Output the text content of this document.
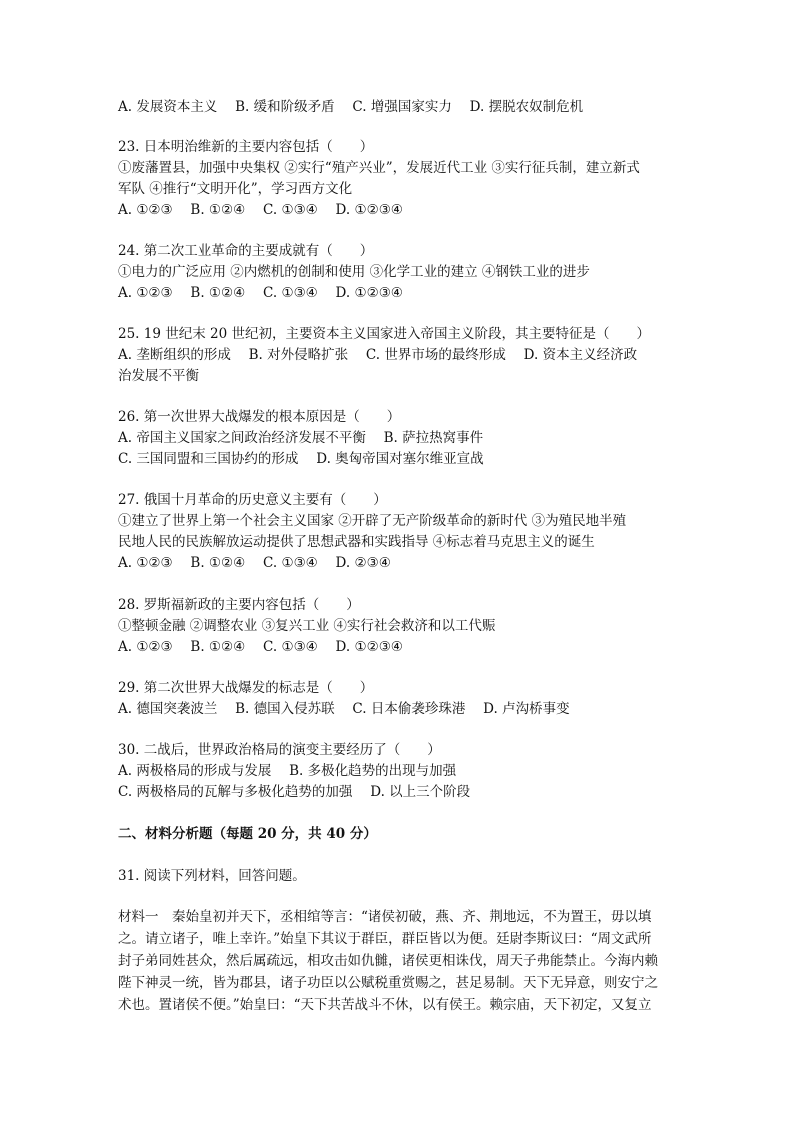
A. 发展资本主义　 B. 缓和阶级矛盾　 C. 增强国家实力　 D. 摆脱农奴制危机
23. 日本明治维新的主要内容包括（　　）
①废藩置县，加强中央集权 ②实行“殖产兴业”，发展近代工业 ③实行征兵制，建立新式
军队 ④推行“文明开化”，学习西方文化
A. ①②③　 B. ①②④　 C. ①③④　 D. ①②③④
24. 第二次工业革命的主要成就有（　　）
①电力的广泛应用 ②内燃机的创制和使用 ③化学工业的建立 ④钢铁工业的进步
A. ①②③　 B. ①②④　 C. ①③④　 D. ①②③④
25. 19 世纪末 20 世纪初，主要资本主义国家进入帝国主义阶段，其主要特征是（　　）
A. 垄断组织的形成　 B. 对外侵略扩张　 C. 世界市场的最终形成　 D. 资本主义经济政
治发展不平衡
26. 第一次世界大战爆发的根本原因是（　　）
A. 帝国主义国家之间政治经济发展不平衡　 B. 萨拉热窝事件
C. 三国同盟和三国协约的形成　 D. 奥匈帝国对塞尔维亚宣战
27. 俄国十月革命的历史意义主要有（　　）
①建立了世界上第一个社会主义国家 ②开辟了无产阶级革命的新时代 ③为殖民地半殖
民地人民的民族解放运动提供了思想武器和实践指导 ④标志着马克思主义的诞生
A. ①②③　 B. ①②④　 C. ①③④　 D. ②③④
28. 罗斯福新政的主要内容包括（　　）
①整顿金融 ②调整农业 ③复兴工业 ④实行社会救济和以工代赈
A. ①②③　 B. ①②④　 C. ①③④　 D. ①②③④
29. 第二次世界大战爆发的标志是（　　）
A. 德国突袭波兰　 B. 德国入侵苏联　 C. 日本偷袭珍珠港　 D. 卢沟桥事变
30. 二战后，世界政治格局的演变主要经历了（　　）
A. 两极格局的形成与发展　 B. 多极化趋势的出现与加强
C. 两极格局的瓦解与多极化趋势的加强　 D. 以上三个阶段
二、材料分析题（每题 20 分，共 40 分）
31. 阅读下列材料，回答问题。
材料一　秦始皇初并天下，丞相绾等言：“诸侯初破，燕、齐、荆地远，不为置王，毋以填
之。请立诸子，唯上幸许。”始皇下其议于群臣，群臣皆以为便。廷尉李斯议曰：“周文武所
封子弟同姓甚众，然后属疏远，相攻击如仇雠，诸侯更相诛伐，周天子弗能禁止。今海内赖
陛下神灵一统，皆为郡县，诸子功臣以公赋税重赏赐之，甚足易制。天下无异意，则安宁之
术也。置诸侯不便。”始皇曰：“天下共苦战斗不休，以有侯王。赖宗庙，天下初定，又复立
